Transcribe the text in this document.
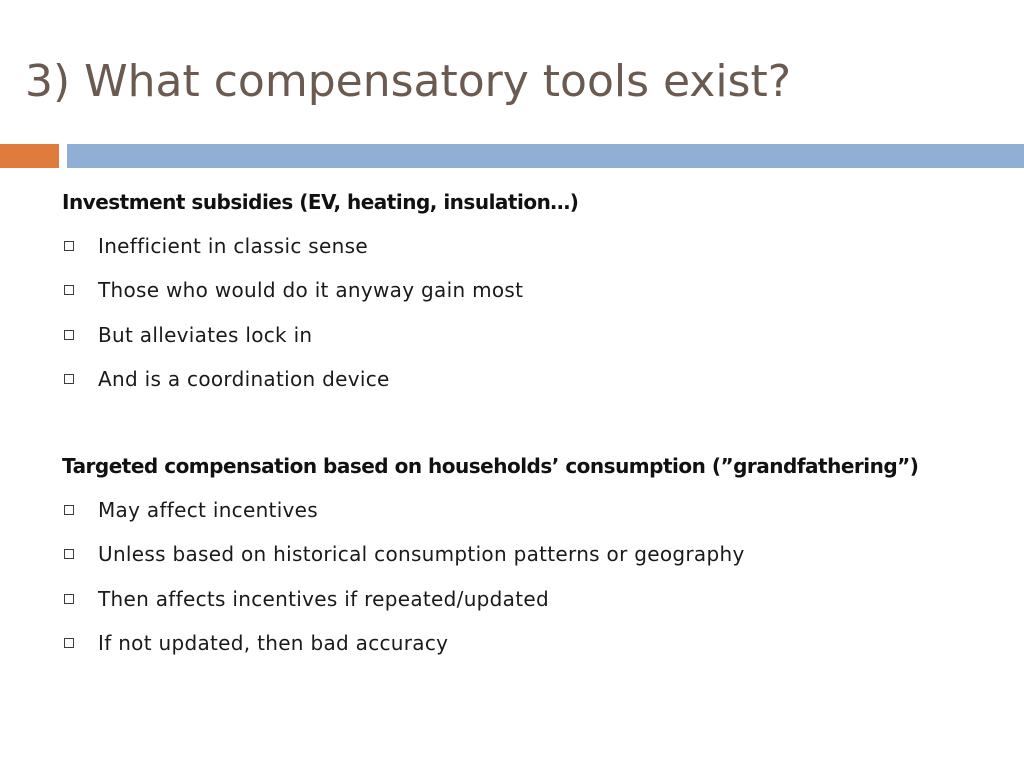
3) What compensatory tools exist?

Investment subsidies (EV, heating, insulation…)

Inefficient in classic sense
Those who would do it anyway gain most
But alleviates lock in
And is a coordination device

Targeted compensation based on households’ consumption (”grandfathering”)

May affect incentives
Unless based on historical consumption patterns or geography
Then affects incentives if repeated/updated
If not updated, then bad accuracy
